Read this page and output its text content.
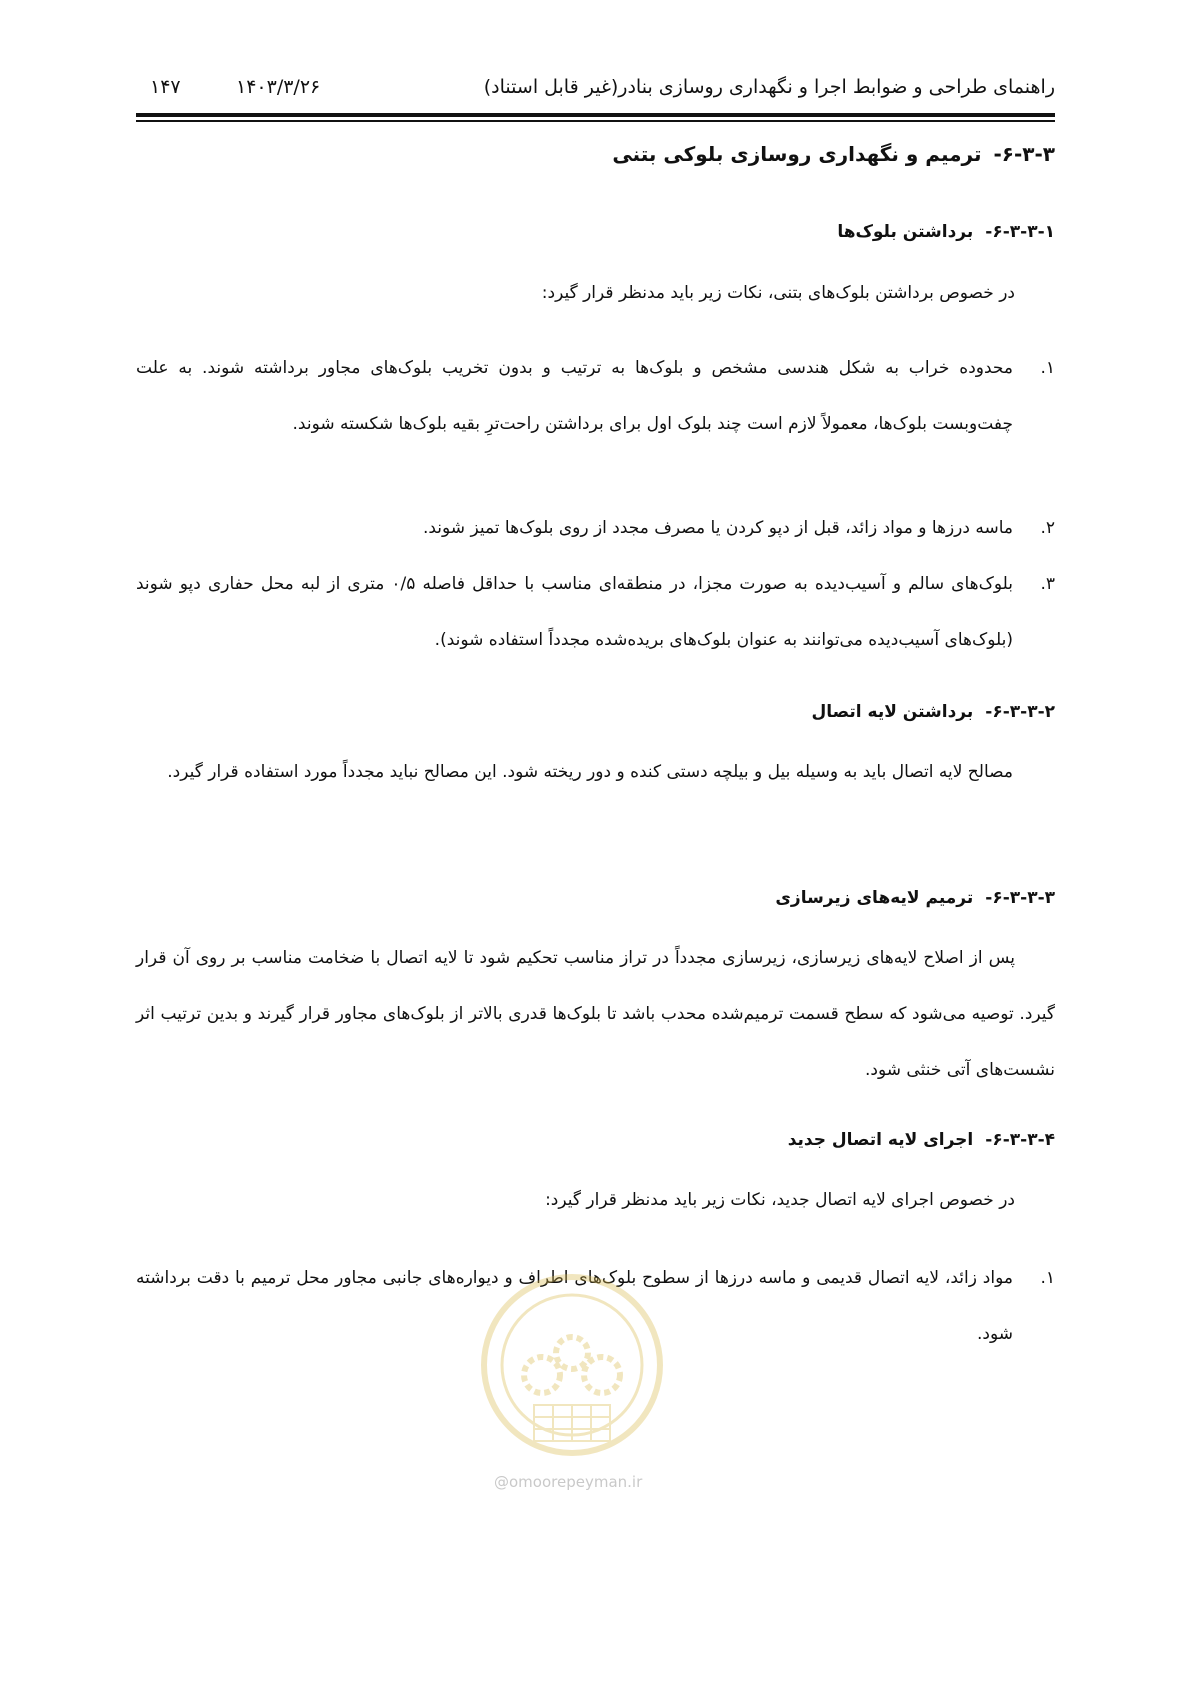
راهنمای طراحی و ضوابط اجرا و نگهداری روسازی بنادر(غیر قابل استناد)
۱۴۰۳/۳/۲۶
۱۴۷
۶-۳-۳-ترمیم و نگهداری روسازی بلوکی بتنی
۶-۳-۳-۱-برداشتن بلوک‌ها
در خصوص برداشتن بلوک‌های بتنی، نکات زیر باید مدنظر قرار گیرد:
۱.
محدوده خراب به شکل هندسی مشخص و بلوک‌ها به ترتیب و بدون تخریب بلوک‌های مجاور برداشته شوند. به علت چفت‌وبست بلوک‌ها، معمولاً لازم است چند بلوک اول برای برداشتن راحت‌ترِ بقیه بلوک‌ها شکسته شوند.
۲.
ماسه درزها و مواد زائد، قبل از دپو کردن یا مصرف مجدد از روی بلوک‌ها تمیز شوند.
۳.
بلوک‌های سالم و آسیب‌دیده به صورت مجزا، در منطقه‌ای مناسب با حداقل فاصله ۰/۵ متری از لبه محل حفاری دپو شوند (بلوک‌های آسیب‌دیده می‌توانند به عنوان بلوک‌های بریده‌شده مجدداً استفاده شوند).
۶-۳-۳-۲-برداشتن لایه اتصال
مصالح لایه اتصال باید به وسیله بیل و بیلچه دستی کنده و دور ریخته شود. این مصالح نباید مجدداً مورد استفاده قرار گیرد.
۶-۳-۳-۳-ترمیم لایه‌های زیرسازی
پس از اصلاح لایه‌های زیرسازی، زیرسازی مجدداً در تراز مناسب تحکیم شود تا لایه اتصال با ضخامت مناسب بر روی آن قرار گیرد. توصیه می‌شود که سطح قسمت ترمیم‌شده محدب باشد تا بلوک‌ها قدری بالاتر از بلوک‌های مجاور قرار گیرند و بدین ترتیب اثر نشست‌های آتی خنثی شود.
۶-۳-۳-۴-اجرای لایه اتصال جدید
در خصوص اجرای لایه اتصال جدید، نکات زیر باید مدنظر قرار گیرد:
۱.
مواد زائد، لایه اتصال قدیمی و ماسه درزها از سطوح بلوک‌های اطراف و دیواره‌های جانبی مجاور محل ترمیم با دقت برداشته شود.
@omoorepeyman.ir
